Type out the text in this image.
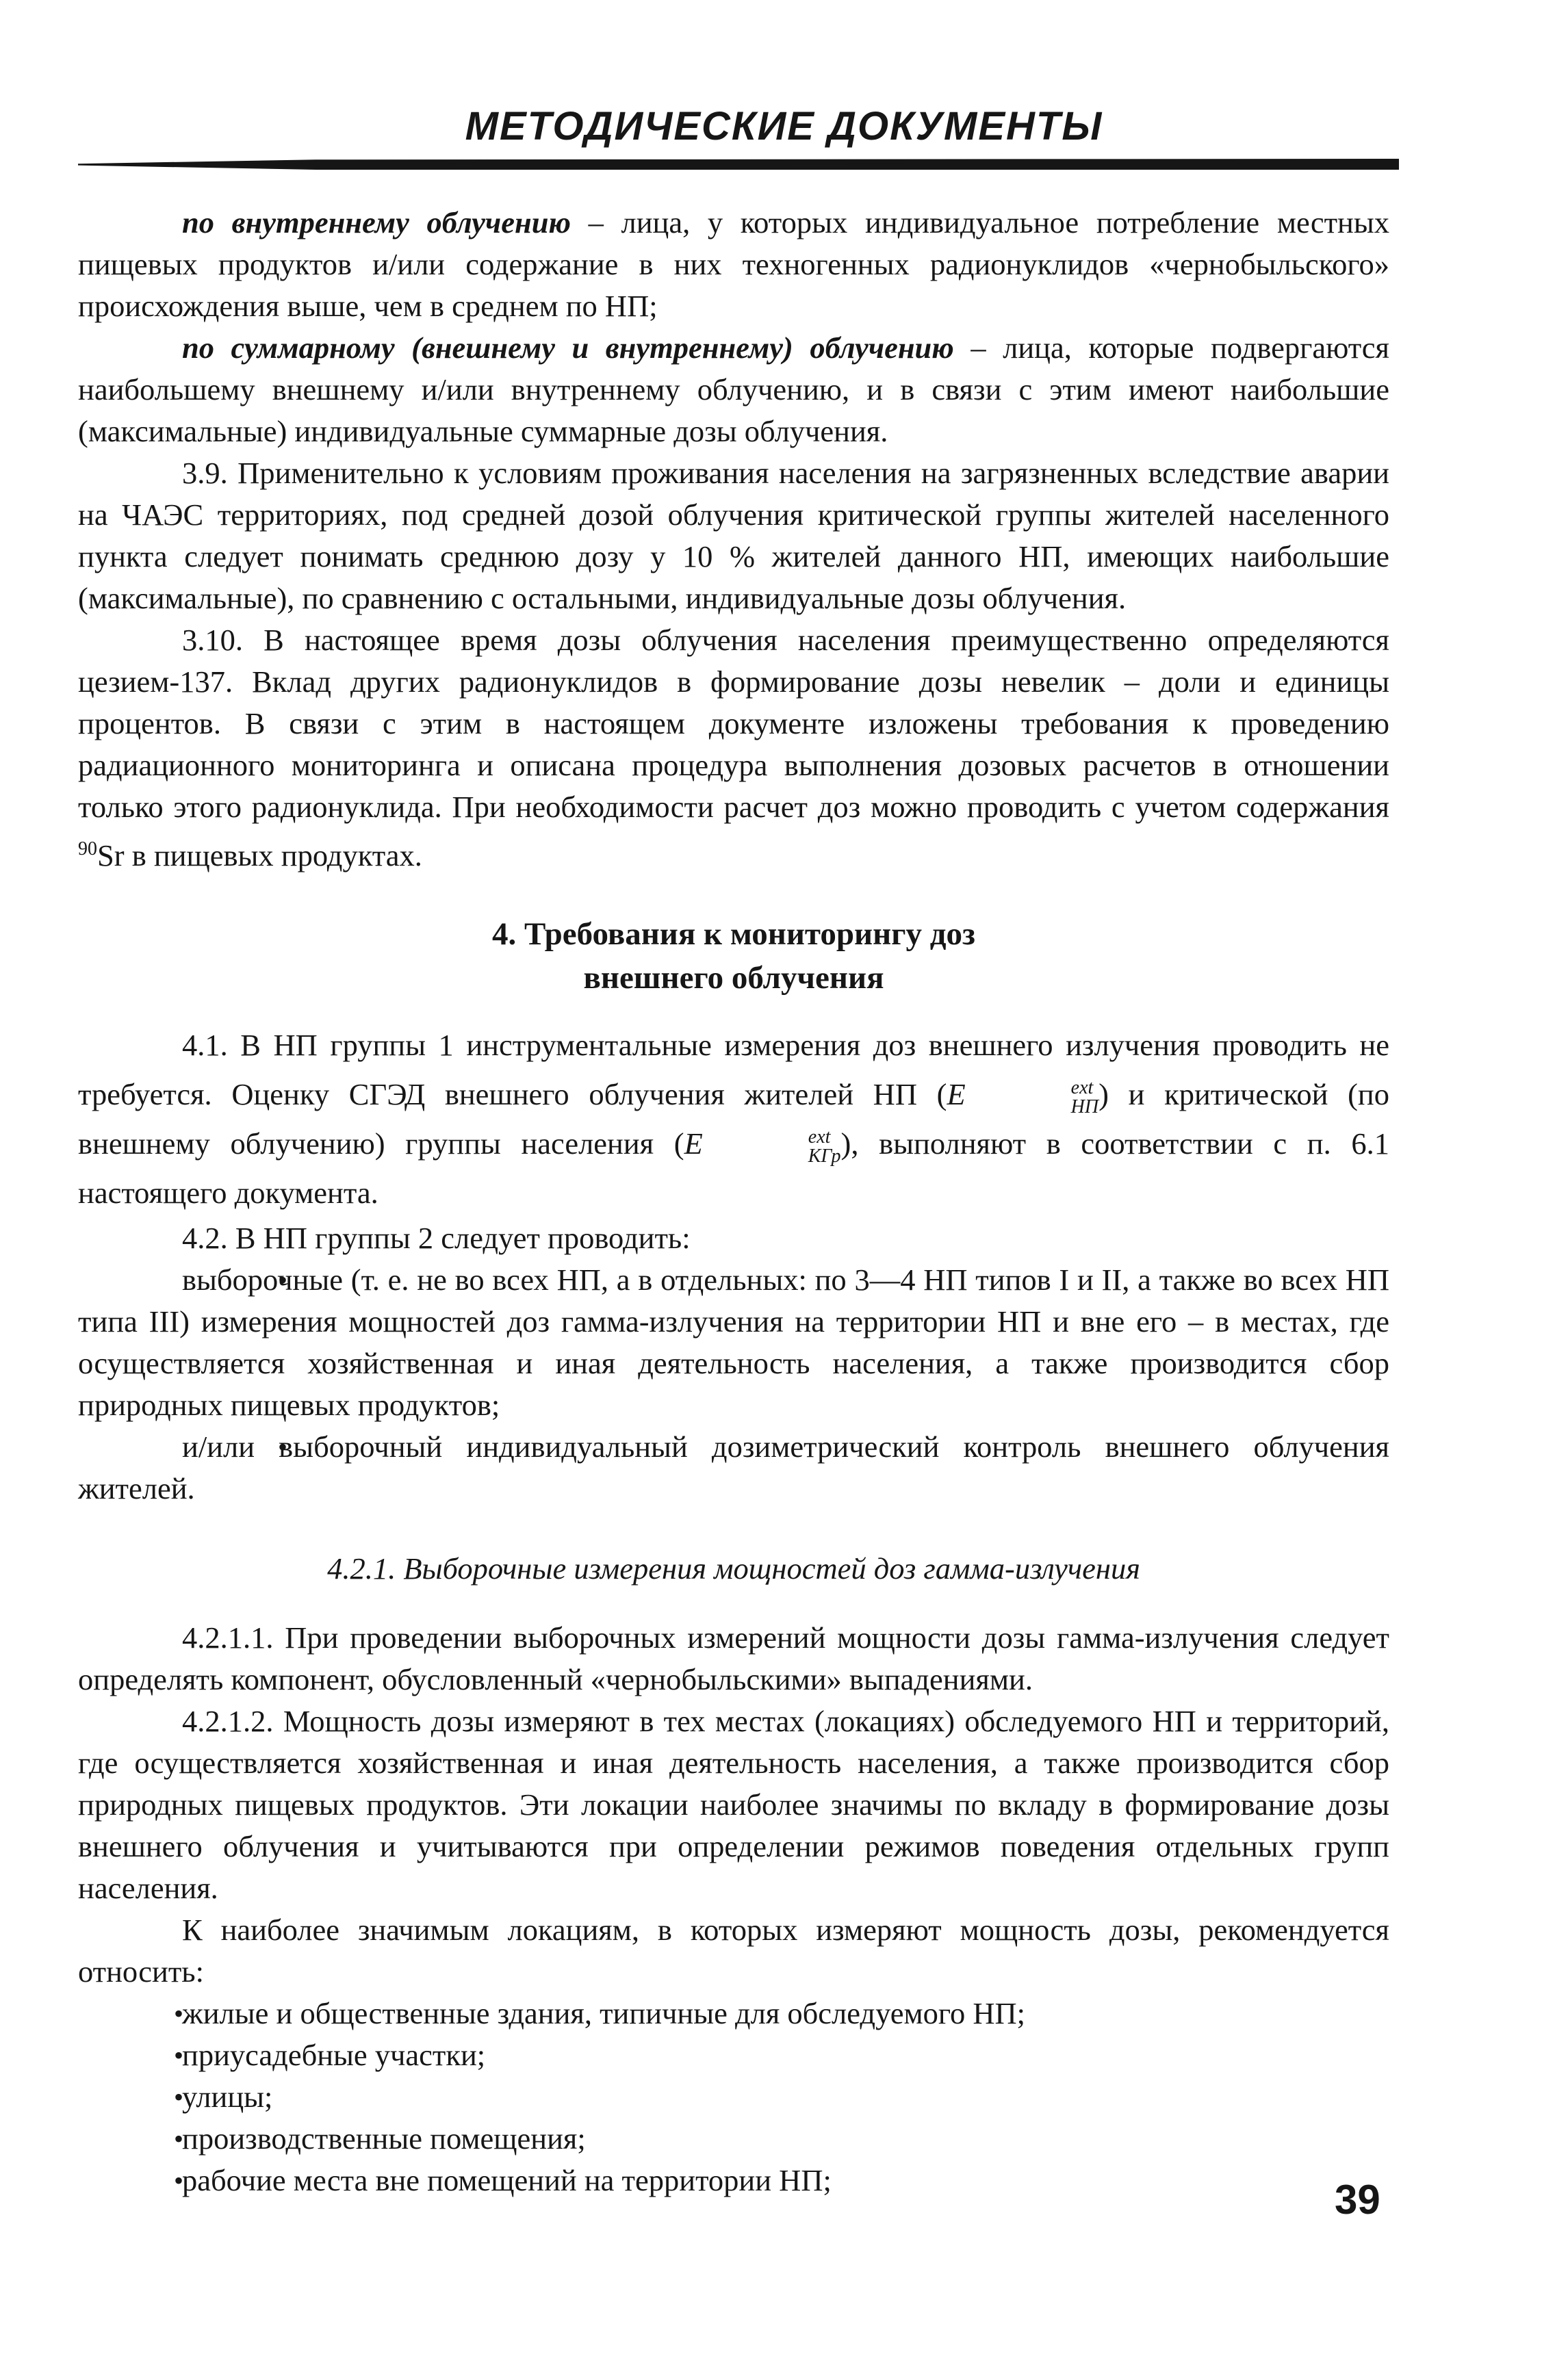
МЕТОДИЧЕСКИЕ ДОКУМЕНТЫ

по внутреннему облучению – лица, у которых индивидуальное потребление местных пищевых продуктов и/или содержание в них техногенных радионуклидов «чернобыльского» происхождения выше, чем в среднем по НП;

по суммарному (внешнему и внутреннему) облучению – лица, которые подвергаются наибольшему внешнему и/или внутреннему облучению, и в связи с этим имеют наибольшие (максимальные) индивидуальные суммарные дозы облучения.

3.9. Применительно к условиям проживания населения на загрязненных вследствие аварии на ЧАЭС территориях, под средней дозой облучения критической группы жителей населенного пункта следует понимать среднюю дозу у 10 % жителей данного НП, имеющих наибольшие (максимальные), по сравнению с остальными, индивидуальные дозы облучения.

3.10. В настоящее время дозы облучения населения преимущественно определяются цезием-137. Вклад других радионуклидов в формирование дозы невелик – доли и единицы процентов. В связи с этим в настоящем документе изложены требования к проведению радиационного мониторинга и описана процедура выполнения дозовых расчетов в отношении только этого радионуклида. При необходимости расчет доз можно проводить с учетом содержания $^{90}$Sr в пищевых продуктах.

4. Требования к мониторингу доз
внешнего облучения

4.1. В НП группы 1 инструментальные измерения доз внешнего излучения проводить не требуется. Оценку СГЭД внешнего облучения жителей НП (E	ext
НП ) и критической (по внешнему облучению) группы населения (E	ext
КГр ), выполняют в соответствии с п. 6.1 настоящего документа.

4.2. В НП группы 2 следует проводить:

• выборочные (т. е. не во всех НП, а в отдельных: по 3—4 НП типов I и II, а также во всех НП типа III) измерения мощностей доз гамма-излучения на территории НП и вне его – в местах, где осуществляется хозяйственная и иная деятельность населения, а также производится сбор природных пищевых продуктов;

• и/или выборочный индивидуальный дозиметрический контроль внешнего облучения жителей.

4.2.1. Выборочные измерения мощностей доз гамма-излучения

4.2.1.1. При проведении выборочных измерений мощности дозы гамма-излучения следует определять компонент, обусловленный «чернобыльскими» выпадениями.

4.2.1.2. Мощность дозы измеряют в тех местах (локациях) обследуемого НП и территорий, где осуществляется хозяйственная и иная деятельность населения, а также производится сбор природных пищевых продуктов. Эти локации наиболее значимы по вкладу в формирование дозы внешнего облучения и учитываются при определении режимов поведения отдельных групп населения.

К наиболее значимым локациям, в которых измеряют мощность дозы, рекомендуется относить:

• жилые и общественные здания, типичные для обследуемого НП;

• приусадебные участки;

• улицы;

• производственные помещения;

• рабочие места вне помещений на территории НП;	39
